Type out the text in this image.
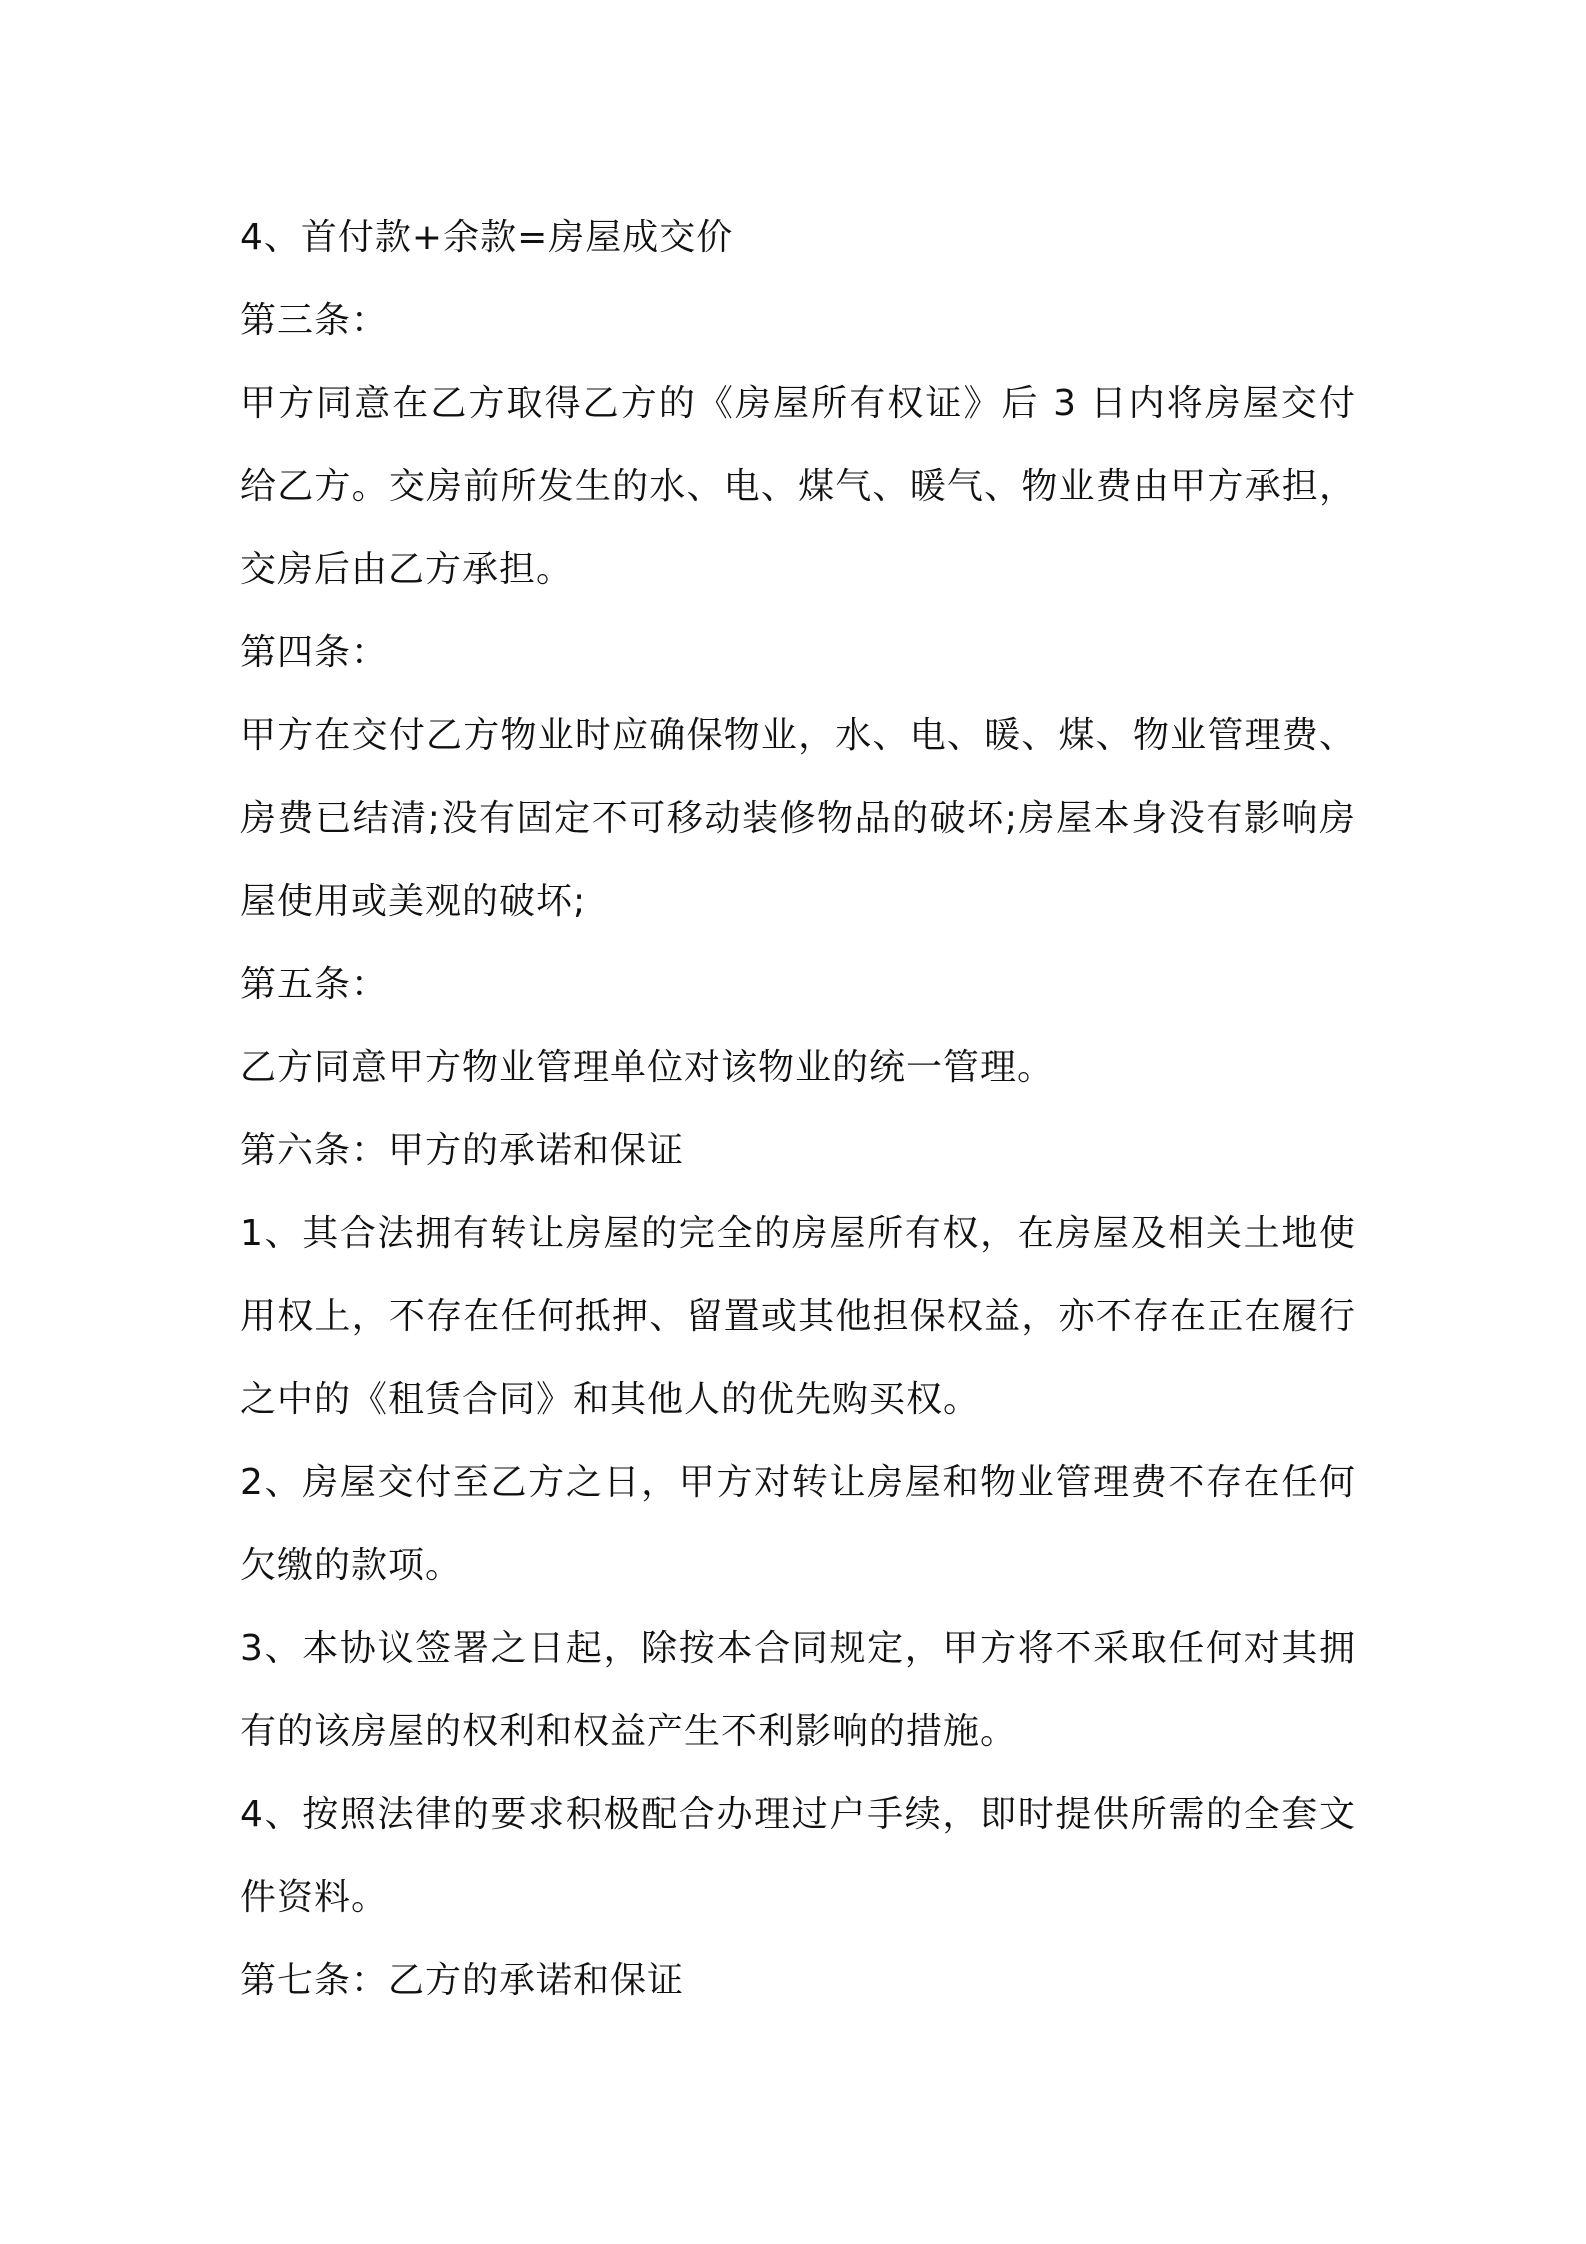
4、首付款+余款=房屋成交价

第三条：

甲方同意在乙方取得乙方的《房屋所有权证》后 3 日内将房屋交付给乙方。交房前所发生的水、电、煤气、暖气、物业费由甲方承担，交房后由乙方承担。

第四条：

甲方在交付乙方物业时应确保物业，水、电、暖、煤、物业管理费、房费已结清;没有固定不可移动装修物品的破坏;房屋本身没有影响房屋使用或美观的破坏;

第五条：

乙方同意甲方物业管理单位对该物业的统一管理。

第六条：甲方的承诺和保证

1、其合法拥有转让房屋的完全的房屋所有权，在房屋及相关土地使用权上，不存在任何抵押、留置或其他担保权益，亦不存在正在履行之中的《租赁合同》和其他人的优先购买权。

2、房屋交付至乙方之日，甲方对转让房屋和物业管理费不存在任何欠缴的款项。

3、本协议签署之日起，除按本合同规定，甲方将不采取任何对其拥有的该房屋的权利和权益产生不利影响的措施。

4、按照法律的要求积极配合办理过户手续，即时提供所需的全套文件资料。

第七条：乙方的承诺和保证
